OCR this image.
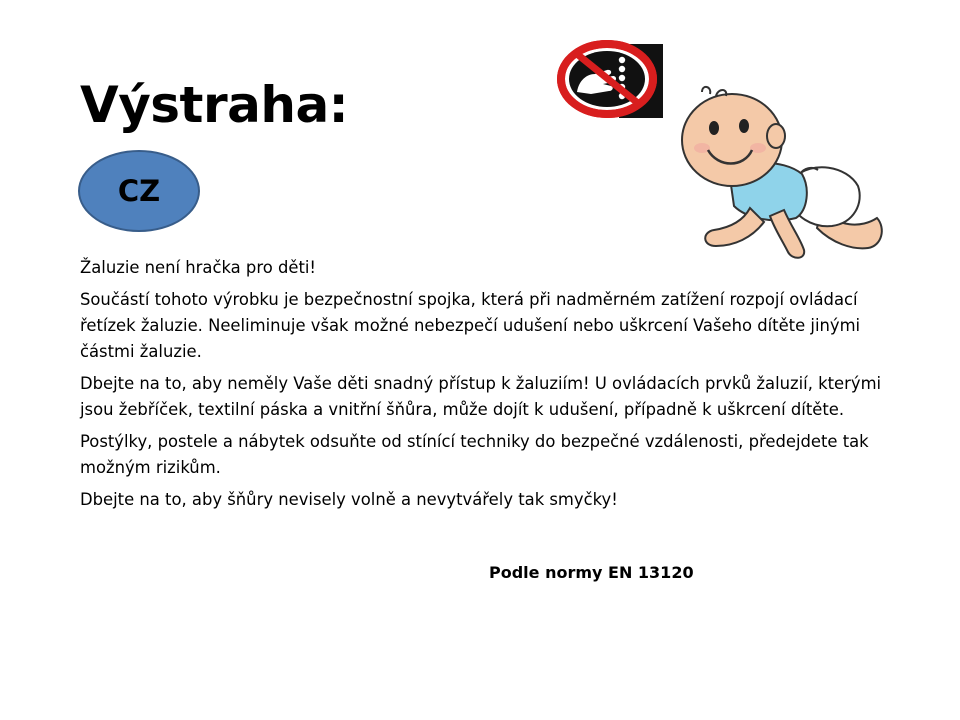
Výstraha:
CZ

Žaluzie není hračka pro děti!

Součástí tohoto výrobku je bezpečnostní spojka, která při nadměrném zatížení rozpojí ovládací řetízek žaluzie. Neeliminuje však možné nebezpečí udušení nebo uškrcení Vašeho dítěte jinými částmi žaluzie.

Dbejte na to, aby neměly Vaše děti snadný přístup k žaluziím! U ovládacích prvků žaluzií, kterými jsou žebříček, textilní páska a vnitřní šňůra, může dojít k udušení, případně k uškrcení dítěte.

Postýlky, postele a nábytek odsuňte od stínící techniky do bezpečné vzdálenosti, předejdete tak možným rizikům.

Dbejte na to, aby šňůry nevisely volně a nevytvářely tak smyčky!

Podle normy EN 13120
